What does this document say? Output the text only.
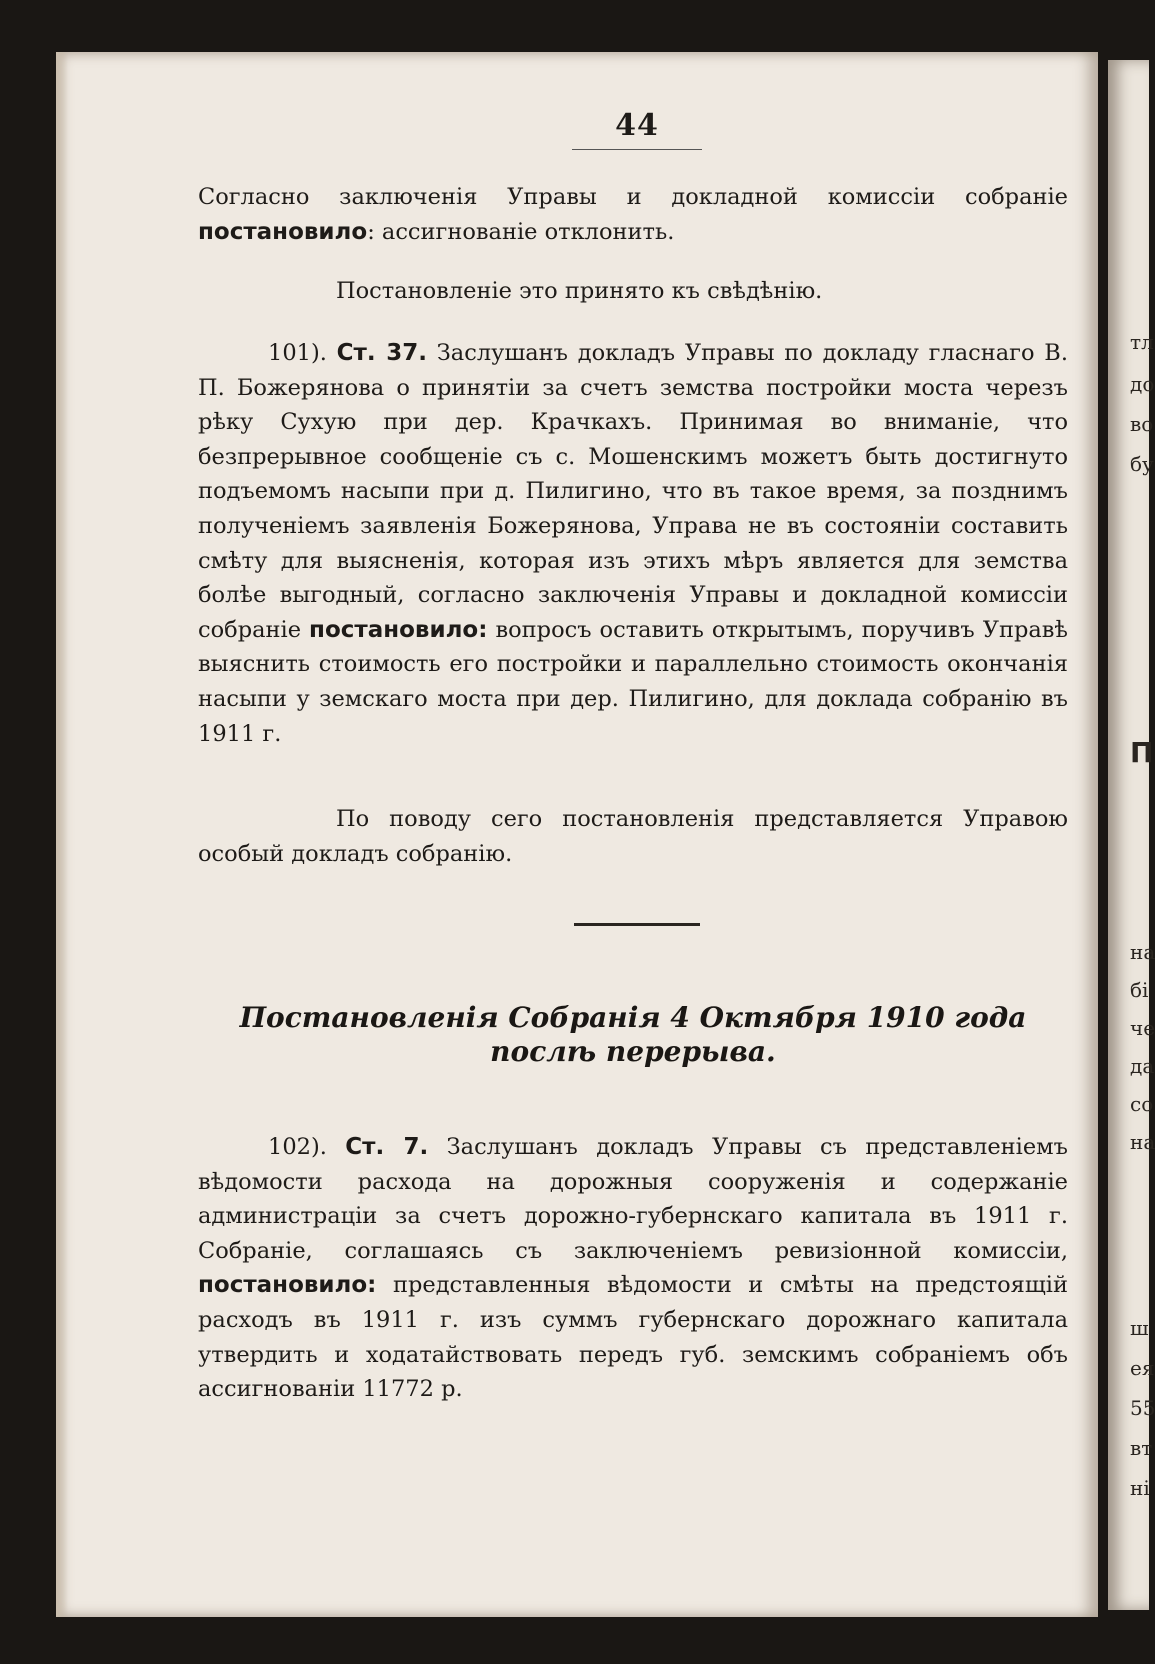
тл
до
во
бу
П
на
бі
че
да
со
на
ш
ея
55
вт
ні
44
Согласно заключенія Управы и докладной комиссіи собраніе постановило: ассигнованіе отклонить.
Постановленіе это принято къ свѣдѣнію.
101). Ст. 37. Заслушанъ докладъ Управы по докладу гласнаго В. П. Божерянова о принятіи за счетъ земства постройки моста черезъ рѣку Сухую при дер. Крачкахъ. Принимая во вниманіе, что безпрерывное сообщеніе съ с. Мошенскимъ можетъ быть достигнуто подъемомъ насыпи при д. Пилигино, что въ такое время, за позднимъ полученіемъ заявленія Божерянова, Управа не въ состояніи составить смѣту для выясненія, которая изъ этихъ мѣръ является для земства болѣе выгодный, согласно заключенія Управы и докладной комиссіи собраніе постановило: вопросъ оставить открытымъ, поручивъ Управѣ выяснить стоимость его постройки и параллельно стоимость окончанія насыпи у земскаго моста при дер. Пилигино, для доклада собранію въ 1911 г.
По поводу сего постановленія представляется Управою особый докладъ собранію.
Постановленія Собранія 4 Октября 1910 года послѣ перерыва.
102). Ст. 7. Заслушанъ докладъ Управы съ представленіемъ вѣдомости расхода на дорожныя сооруженія и содержаніе администраціи за счетъ дорожно-губернскаго капитала въ 1911 г. Собраніе, соглашаясь съ заключеніемъ ревизіонной комиссіи, постановило: представленныя вѣдомости и смѣты на предстоящій расходъ въ 1911 г. изъ суммъ губернскаго дорожнаго капитала утвердить и ходатайствовать передъ губ. земскимъ собраніемъ объ ассигнованіи 11772 р.
